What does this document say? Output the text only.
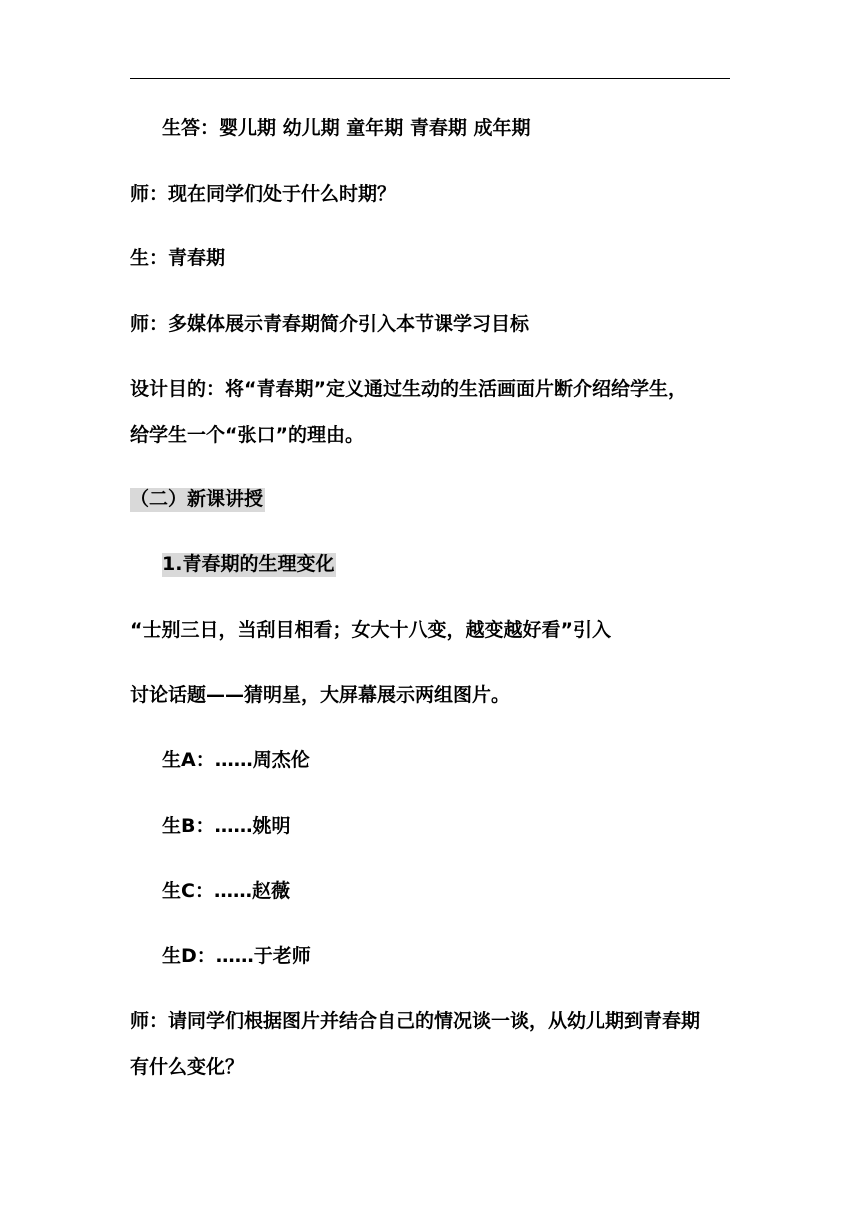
生答：婴儿期 幼儿期 童年期 青春期 成年期
师：现在同学们处于什么时期？
生：青春期
师：多媒体展示青春期简介引入本节课学习目标
设计目的：将“青春期”定义通过生动的生活画面片断介绍给学生，
给学生一个“张口”的理由。
（二）新课讲授
1.青春期的生理变化
“士别三日，当刮目相看；女大十八变，越变越好看”引入
讨论话题——猜明星，大屏幕展示两组图片。
生A：……周杰伦
生B：……姚明
生C：……赵薇
生D：……于老师
师：请同学们根据图片并结合自己的情况谈一谈，从幼儿期到青春期
有什么变化？
